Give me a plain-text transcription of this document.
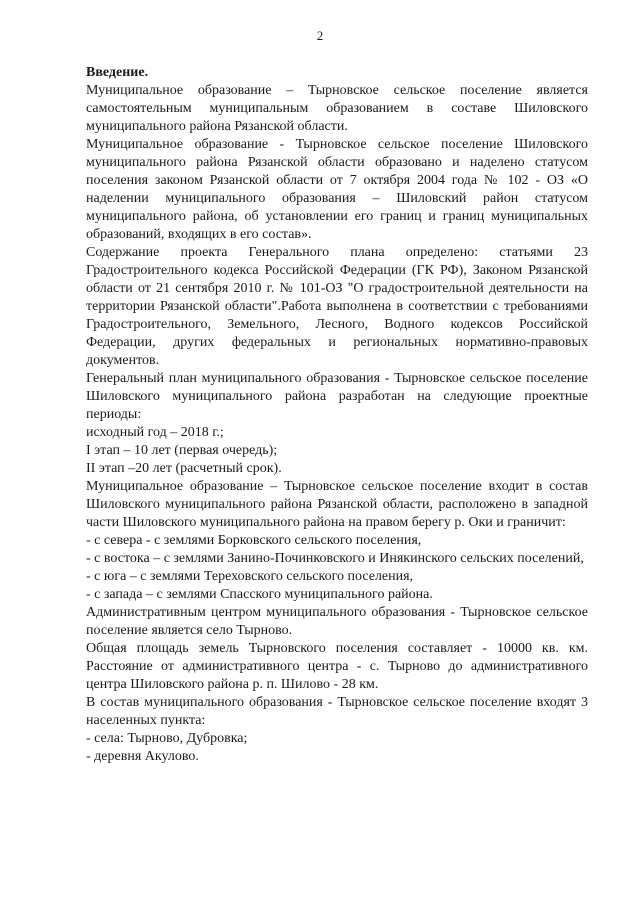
2

Введение.

Муниципальное образование – Тырновское сельское поселение является самостоятельным муниципальным образованием в составе Шиловского муниципального района Рязанской области.

Муниципальное образование - Тырновское сельское поселение Шиловского муниципального района Рязанской области образовано и наделено статусом поселения законом Рязанской области от 7 октября 2004 года № 102 - ОЗ «О наделении муниципального образования – Шиловский район статусом муниципального района, об установлении его границ и границ муниципальных образований, входящих в его состав».

Содержание проекта Генерального плана определено: статьями 23 Градостроительного кодекса Российской Федерации (ГК РФ), Законом Рязанской области от 21 сентября 2010 г. № 101-ОЗ "О градостроительной деятельности на территории Рязанской области".Работа выполнена в соответствии с требованиями Градостроительного, Земельного, Лесного, Водного кодексов Российской Федерации, других федеральных и региональных нормативно-правовых документов.

Генеральный план муниципального образования - Тырновское сельское поселение Шиловского муниципального района разработан на следующие проектные периоды:

исходный год – 2018 г.;

I этап – 10 лет (первая очередь);

II этап –20 лет (расчетный срок).

Муниципальное образование – Тырновское сельское поселение входит в состав Шиловского муниципального района Рязанской области, расположено в западной части Шиловского муниципального района на правом берегу р. Оки и граничит:

- с севера - с землями Борковского сельского поселения,

- с востока – с землями Занино-Починковского и Инякинского сельских поселений,

- с юга – с землями Тереховского сельского поселения,

- с запада – с землями Спасского муниципального района.

Административным центром муниципального образования - Тырновское сельское поселение является село Тырново.

Общая площадь земель Тырновского поселения составляет - 10000 кв. км. Расстояние от административного центра - с. Тырново до административного центра Шиловского района р. п. Шилово - 28 км.

В состав муниципального образования - Тырновское сельское поселение входят 3 населенных пункта:

- села: Тырново, Дубровка;

- деревня Акулово.
